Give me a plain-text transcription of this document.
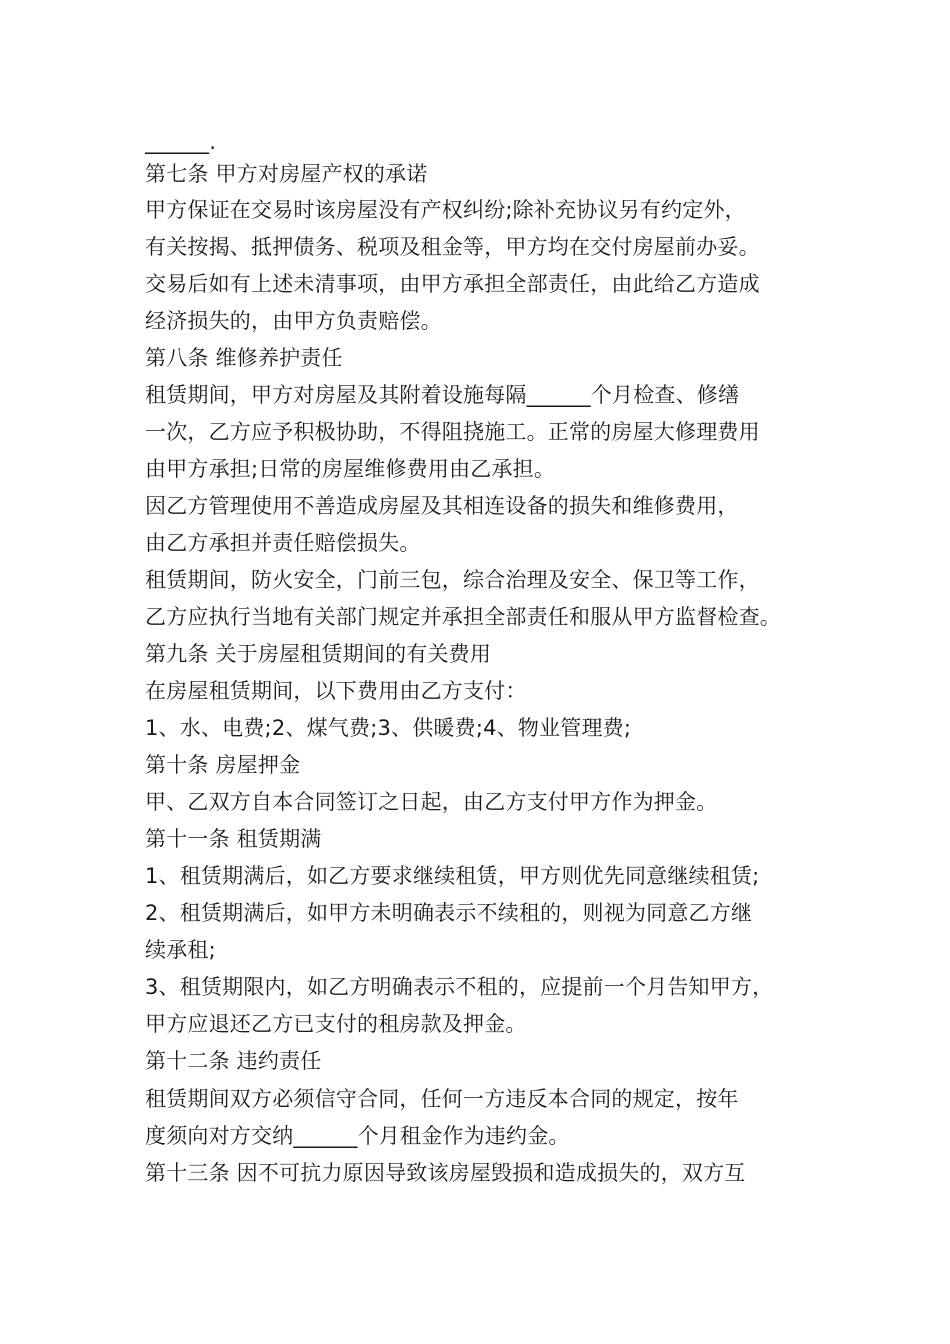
______.
第七条 甲方对房屋产权的承诺
甲方保证在交易时该房屋没有产权纠纷;除补充协议另有约定外，
有关按揭、抵押债务、税项及租金等，甲方均在交付房屋前办妥。
交易后如有上述未清事项，由甲方承担全部责任，由此给乙方造成
经济损失的，由甲方负责赔偿。
第八条 维修养护责任
租赁期间，甲方对房屋及其附着设施每隔______个月检查、修缮
一次，乙方应予积极协助，不得阻挠施工。正常的房屋大修理费用
由甲方承担;日常的房屋维修费用由乙承担。
因乙方管理使用不善造成房屋及其相连设备的损失和维修费用，
由乙方承担并责任赔偿损失。
租赁期间，防火安全，门前三包，综合治理及安全、保卫等工作，
乙方应执行当地有关部门规定并承担全部责任和服从甲方监督检查。
第九条 关于房屋租赁期间的有关费用
在房屋租赁期间，以下费用由乙方支付：
1、水、电费;2、煤气费;3、供暖费;4、物业管理费;
第十条 房屋押金
甲、乙双方自本合同签订之日起，由乙方支付甲方作为押金。
第十一条 租赁期满
1、租赁期满后，如乙方要求继续租赁，甲方则优先同意继续租赁;
2、租赁期满后，如甲方未明确表示不续租的，则视为同意乙方继
续承租;
3、租赁期限内，如乙方明确表示不租的，应提前一个月告知甲方，
甲方应退还乙方已支付的租房款及押金。
第十二条 违约责任
租赁期间双方必须信守合同，任何一方违反本合同的规定，按年
度须向对方交纳______个月租金作为违约金。
第十三条 因不可抗力原因导致该房屋毁损和造成损失的，双方互
